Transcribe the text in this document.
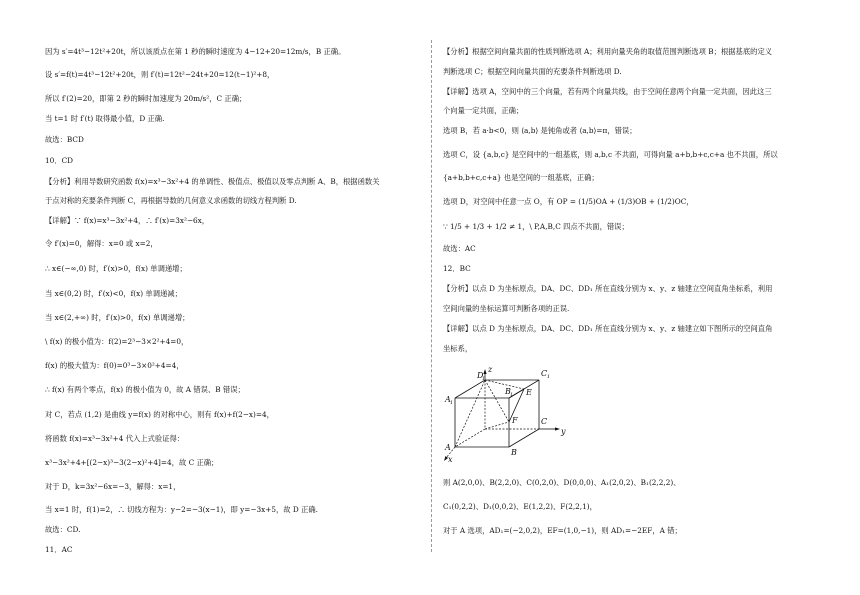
因为 s′=4t³−12t²+20t，所以该质点在第 1 秒的瞬时速度为 4−12+20=12m/s，B 正确。
设 s′=f(t)=4t³−12t²+20t，则 f′(t)=12t²−24t+20=12(t−1)²+8，
所以 f′(2)=20，即第 2 秒的瞬时加速度为 20m/s²，C 正确；
当 t=1 时 f′(t) 取得最小值，D 正确.
故选：BCD
10．CD
【分析】利用导数研究函数 f(x)=x³−3x²+4 的单调性、极值点、极值以及零点判断 A、B，根据函数关
于点对称的充要条件判断 C，再根据导数的几何意义求函数的切线方程判断 D.
【详解】∵ f(x)=x³−3x²+4，∴ f′(x)=3x²−6x，
令 f′(x)=0，解得：x=0 或 x=2，
∴ x∈(−∞,0) 时，f′(x)>0，f(x) 单调递增；
当 x∈(0,2) 时，f′(x)<0，f(x) 单调递减；
当 x∈(2,+∞) 时，f′(x)>0，f(x) 单调递增；
\ f(x) 的极小值为：f(2)=2³−3×2²+4=0，
f(x) 的极大值为：f(0)=0³−3×0²+4=4，
∴ f(x) 有两个零点，f(x) 的极小值为 0，故 A 错误、B 错误；
对 C，若点 (1,2) 是曲线 y=f(x) 的对称中心，则有 f(x)+f(2−x)=4，
将函数 f(x)=x³−3x²+4 代入上式验证得：
x³−3x²+4+[(2−x)³−3(2−x)²+4]=4，故 C 正确；
对于 D，k=3x²−6x=−3，解得：x=1，
当 x=1 时，f(1)=2，∴ 切线方程为：y−2=−3(x−1)，即 y=−3x+5，故 D 正确.
故选：CD.
11．AC
【分析】根据空间向量共面的性质判断选项 A；利用向量夹角的取值范围判断选项 B；根据基底的定义
判断选项 C；根据空间向量共面的充要条件判断选项 D.
【详解】选项 A，空间中的三个向量，若有两个向量共线，由于空间任意两个向量一定共面，因此这三
个向量一定共面，正确；
选项 B，若 a·b<0，则 ⟨a,b⟩ 是钝角或者 ⟨a,b⟩=π，错误；
选项 C，设 {a,b,c} 是空间中的一组基底，则 a,b,c 不共面，可得向量 a+b,b+c,c+a 也不共面，所以
{a+b,b+c,c+a} 也是空间的一组基底，正确；
选项 D，对空间中任意一点 O，有 OP = (1/5)OA + (1/3)OB + (1/2)OC，
∵ 1/5 + 1/3 + 1/2 ≠ 1，\ P,A,B,C 四点不共面，错误；
故选：AC
12．BC
【分析】以点 D 为坐标原点，DA、DC、DD₁ 所在直线分别为 x、y、z 轴建立空间直角坐标系，利用
空间向量的坐标运算可判断各项的正误.
【详解】以点 D 为坐标原点，DA、DC、DD₁ 所在直线分别为 x、y、z 轴建立如下图所示的空间直角
坐标系，
D
1
z	C 1
A 1
B 1 E
F	C
A
B
y
x
则 A(2,0,0)、B(2,2,0)、C(0,2,0)、D(0,0,0)、A₁(2,0,2)、B₁(2,2,2)、
C₁(0,2,2)、D₁(0,0,2)、E(1,2,2)、F(2,2,1)，
对于 A 选项，AD₁=(−2,0,2)，EF=(1,0,−1)，则 AD₁=−2EF，A 错；
